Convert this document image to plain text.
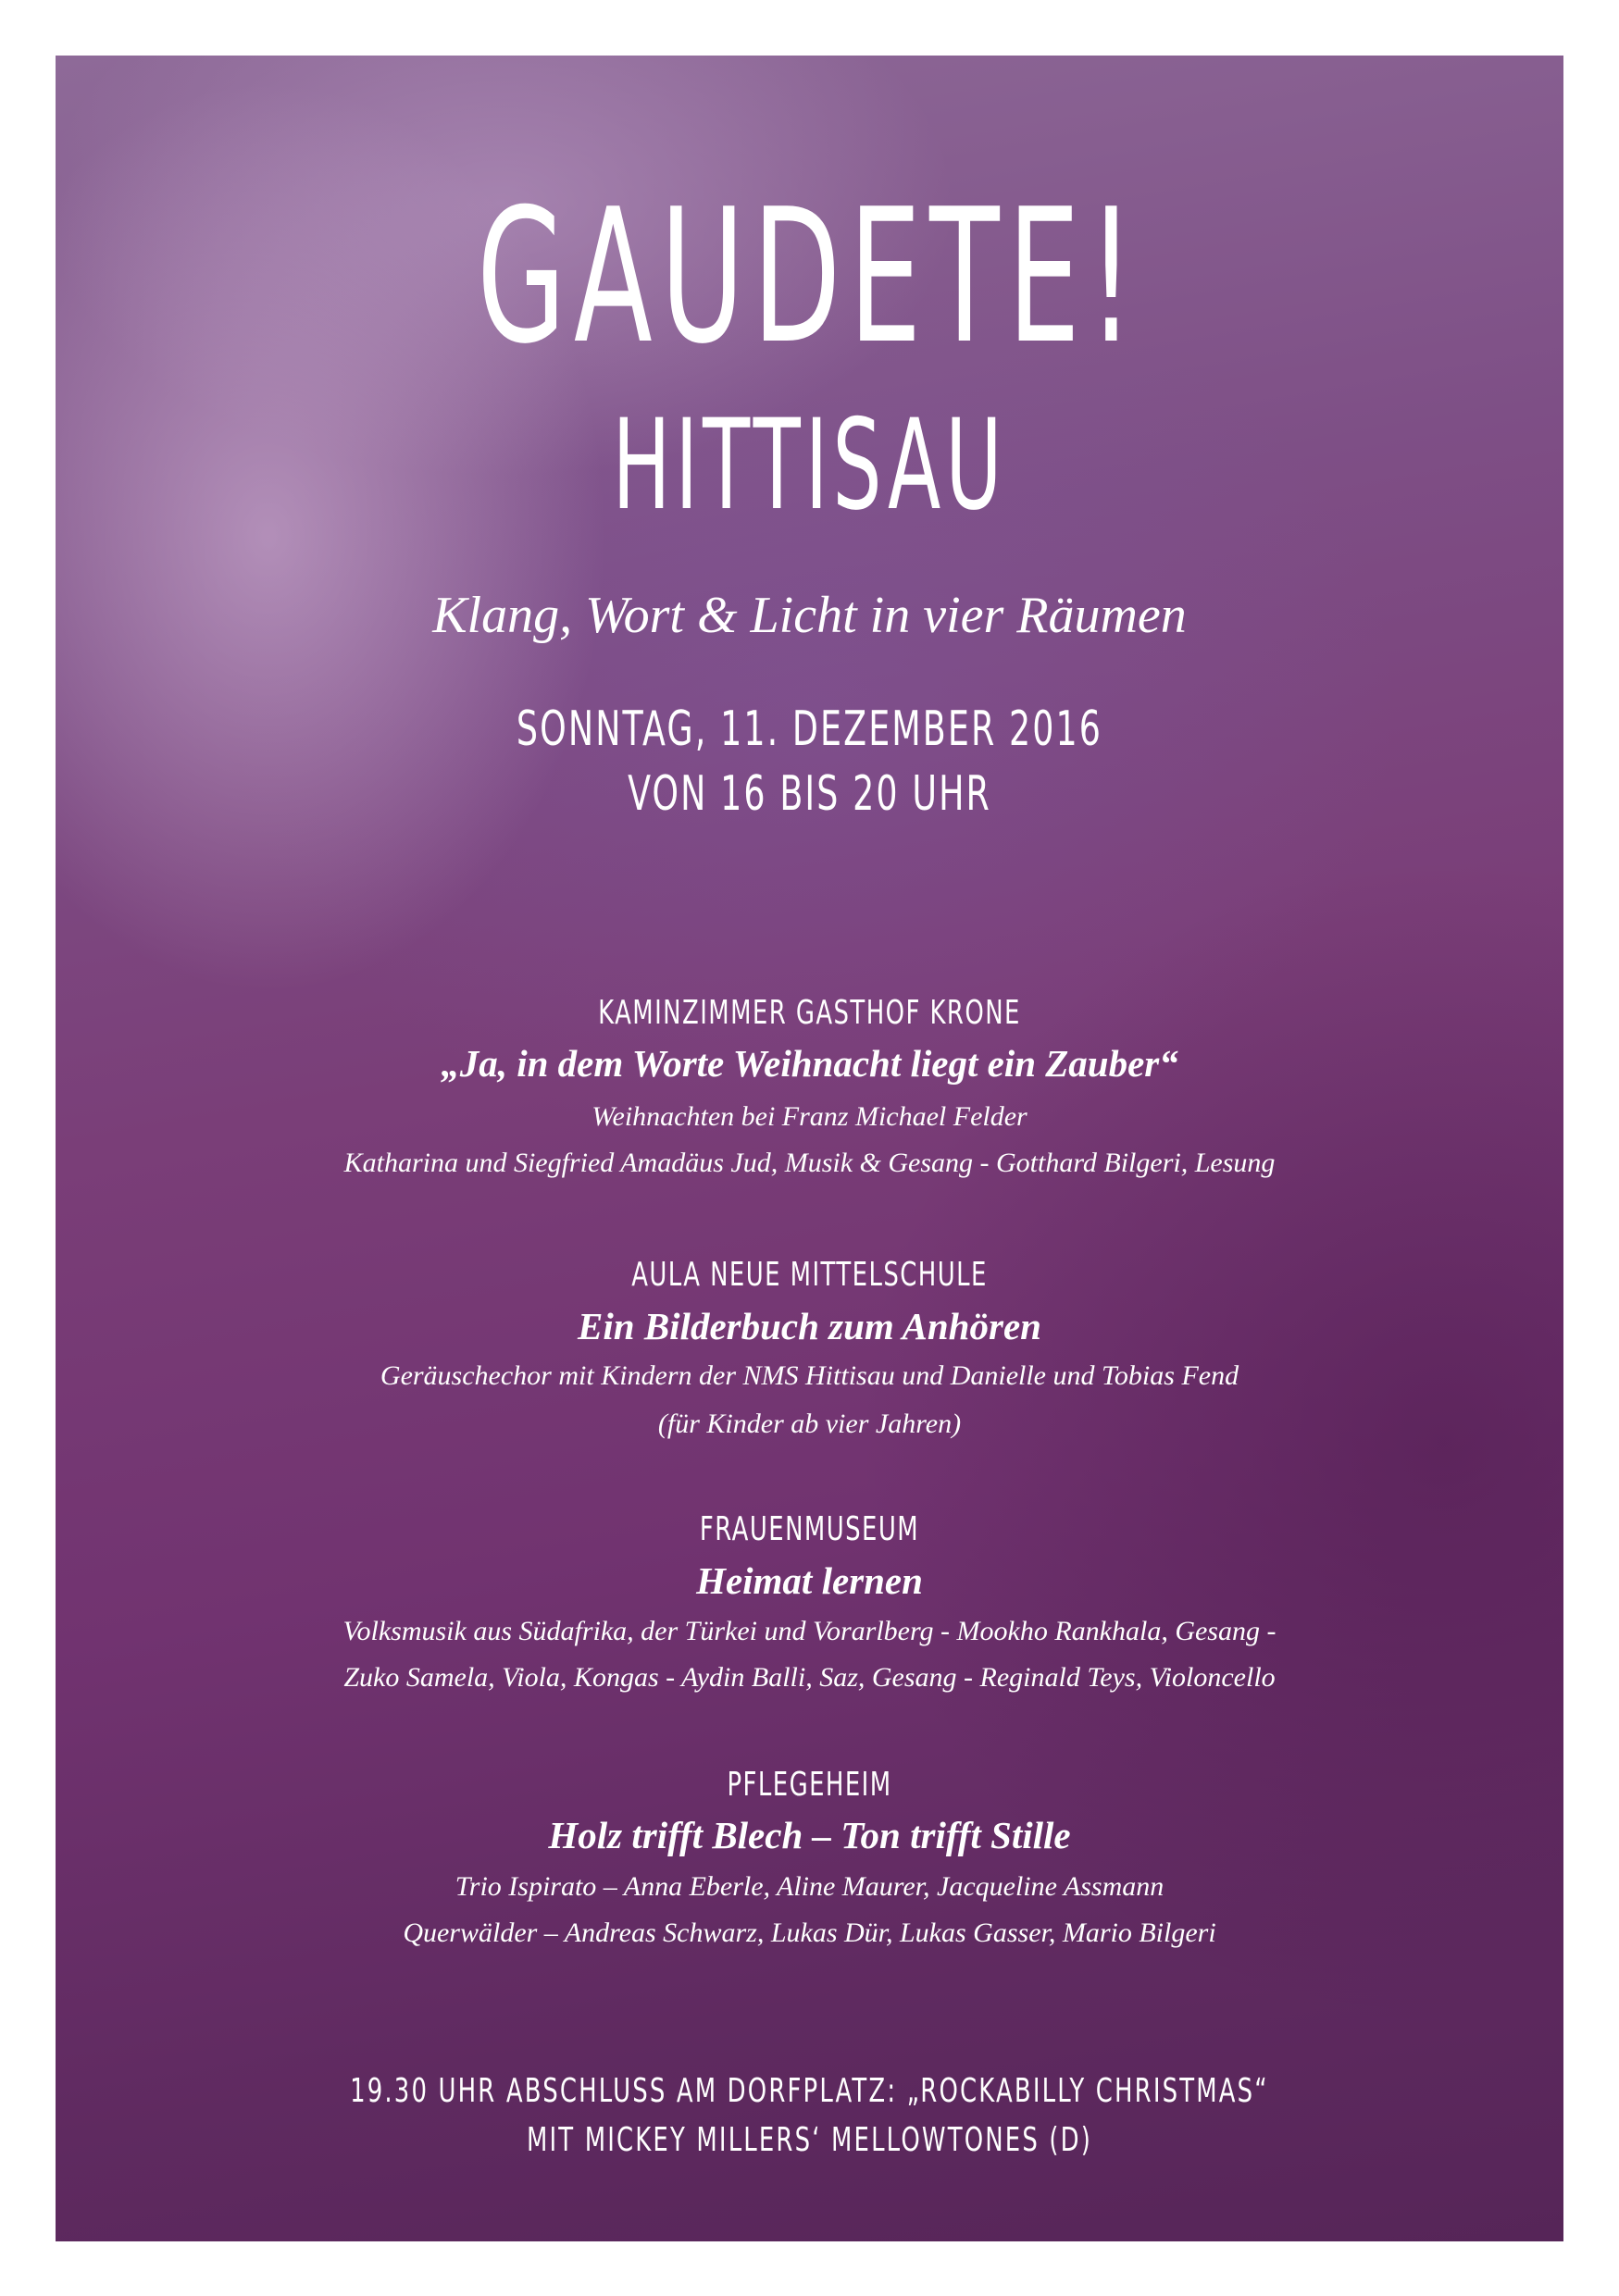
GAUDETE!
HITTISAU
Klang, Wort & Licht in vier Räumen
SONNTAG, 11. DEZEMBER 2016
VON 16 BIS 20 UHR
KAMINZIMMER GASTHOF KRONE
„Ja, in dem Worte Weihnacht liegt ein Zauber“
Weihnachten bei Franz Michael Felder
Katharina und Siegfried Amadäus Jud, Musik & Gesang - Gotthard Bilgeri, Lesung
AULA NEUE MITTELSCHULE
Ein Bilderbuch zum Anhören
Geräuschechor mit Kindern der NMS Hittisau und Danielle und Tobias Fend
(für Kinder ab vier Jahren)
FRAUENMUSEUM
Heimat lernen
Volksmusik aus Südafrika, der Türkei und Vorarlberg - Mookho Rankhala, Gesang -
Zuko Samela, Viola, Kongas - Aydin Balli, Saz, Gesang - Reginald Teys, Violoncello
PFLEGEHEIM
Holz trifft Blech – Ton trifft Stille
Trio Ispirato – Anna Eberle, Aline Maurer, Jacqueline Assmann
Querwälder – Andreas Schwarz, Lukas Dür, Lukas Gasser, Mario Bilgeri
19.30 UHR ABSCHLUSS AM DORFPLATZ: „ROCKABILLY CHRISTMAS“
MIT MICKEY MILLERS‘ MELLOWTONES (D)
